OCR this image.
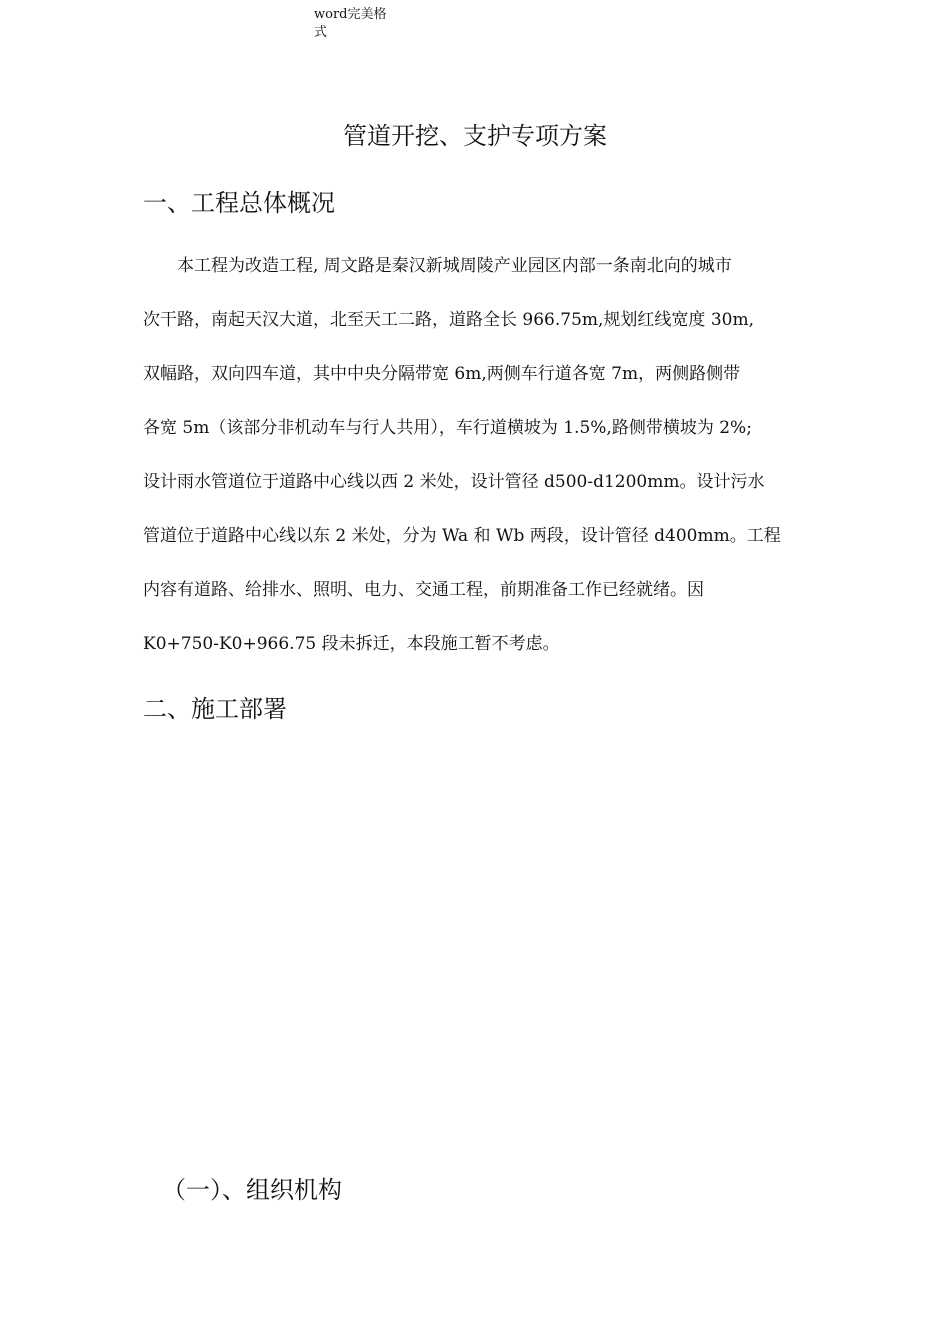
word完美格式
管道开挖、支护专项方案
一、工程总体概况
　　本工程为改造工程, 周文路是秦汉新城周陵产业园区内部一条南北向的城市
次干路，南起天汉大道，北至天工二路，道路全长 966.75m,规划红线宽度 30m,
双幅路，双向四车道，其中中央分隔带宽 6m,两侧车行道各宽 7m，两侧路侧带
各宽 5m（该部分非机动车与行人共用），车行道横坡为 1.5%,路侧带横坡为 2%;
设计雨水管道位于道路中心线以西 2 米处，设计管径 d500-d1200mm。设计污水
管道位于道路中心线以东 2 米处，分为 Wa 和 Wb 两段，设计管径 d400mm。工程
内容有道路、给排水、照明、电力、交通工程，前期准备工作已经就绪。因
K0+750-K0+966.75 段未拆迁，本段施工暂不考虑。
二、施工部署
（一）、组织机构
